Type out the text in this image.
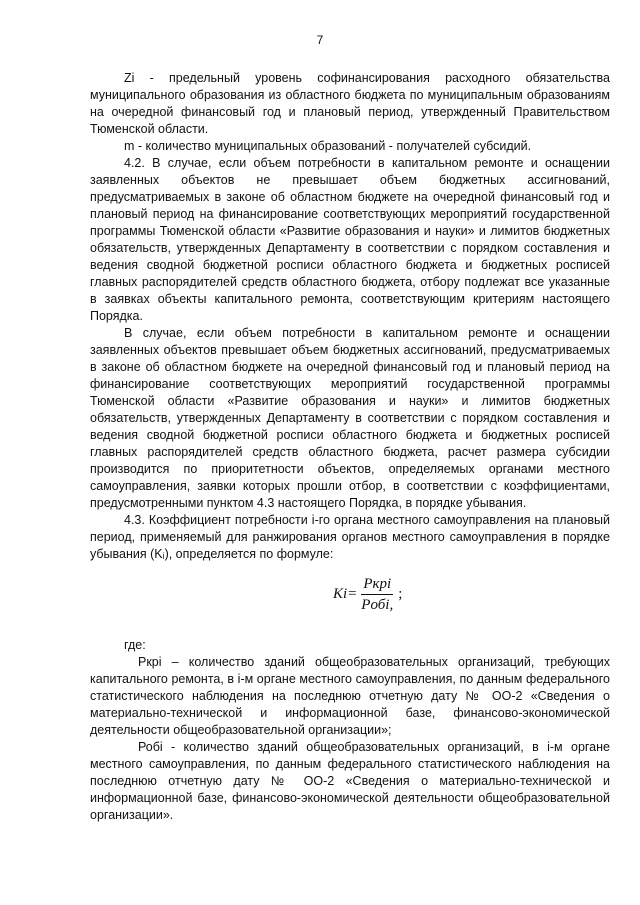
7

Zi - предельный уровень софинансирования расходного обязательства муниципального образования из областного бюджета по муниципальным образованиям на очередной финансовый год и плановый период, утвержденный Правительством Тюменской области.

m - количество муниципальных образований - получателей субсидий.

4.2. В случае, если объем потребности в капитальном ремонте и оснащении заявленных объектов не превышает объем бюджетных ассигнований, предусматриваемых в законе об областном бюджете на очередной финансовый год и плановый период на финансирование соответствующих мероприятий государственной программы Тюменской области «Развитие образования и науки» и лимитов бюджетных обязательств, утвержденных Департаменту в соответствии с порядком составления и ведения сводной бюджетной росписи областного бюджета и бюджетных росписей главных распорядителей средств областного бюджета, отбору подлежат все указанные в заявках объекты капитального ремонта, соответствующим критериям настоящего Порядка.

В случае, если объем потребности в капитальном ремонте и оснащении заявленных объектов превышает объем бюджетных ассигнований, предусматриваемых в законе об областном бюджете на очередной финансовый год и плановый период на финансирование соответствующих мероприятий государственной программы Тюменской области «Развитие образования и науки» и лимитов бюджетных обязательств, утвержденных Департаменту в соответствии с порядком составления и ведения сводной бюджетной росписи областного бюджета и бюджетных росписей главных распорядителей средств областного бюджета, расчет размера субсидии производится по приоритетности объектов, определяемых органами местного самоуправления, заявки которых прошли отбор, в соответствии с коэффициентами, предусмотренными пунктом 4.3 настоящего Порядка, в порядке убывания.

4.3. Коэффициент потребности i-го органа местного самоуправления на плановый период, применяемый для ранжирования органов местного самоуправления в порядке убывания (Kᵢ), определяется по формуле:

$Ki= \frac{\text{Pкрi}}{\text{Pобi,}}$ ;

где:

Ркрi – количество зданий общеобразовательных организаций, требующих капитального ремонта, в i-м органе местного самоуправления, по данным федерального статистического наблюдения на последнюю отчетную дату № ОО-2 «Сведения о материально-технической и информационной базе, финансово-экономической деятельности общеобразовательной организации»;

Робi - количество зданий общеобразовательных организаций, в i-м органе местного самоуправления, по данным федерального статистического наблюдения на последнюю отчетную дату № ОО-2 «Сведения о материально-технической и информационной базе, финансово-экономической деятельности общеобразовательной организации».
